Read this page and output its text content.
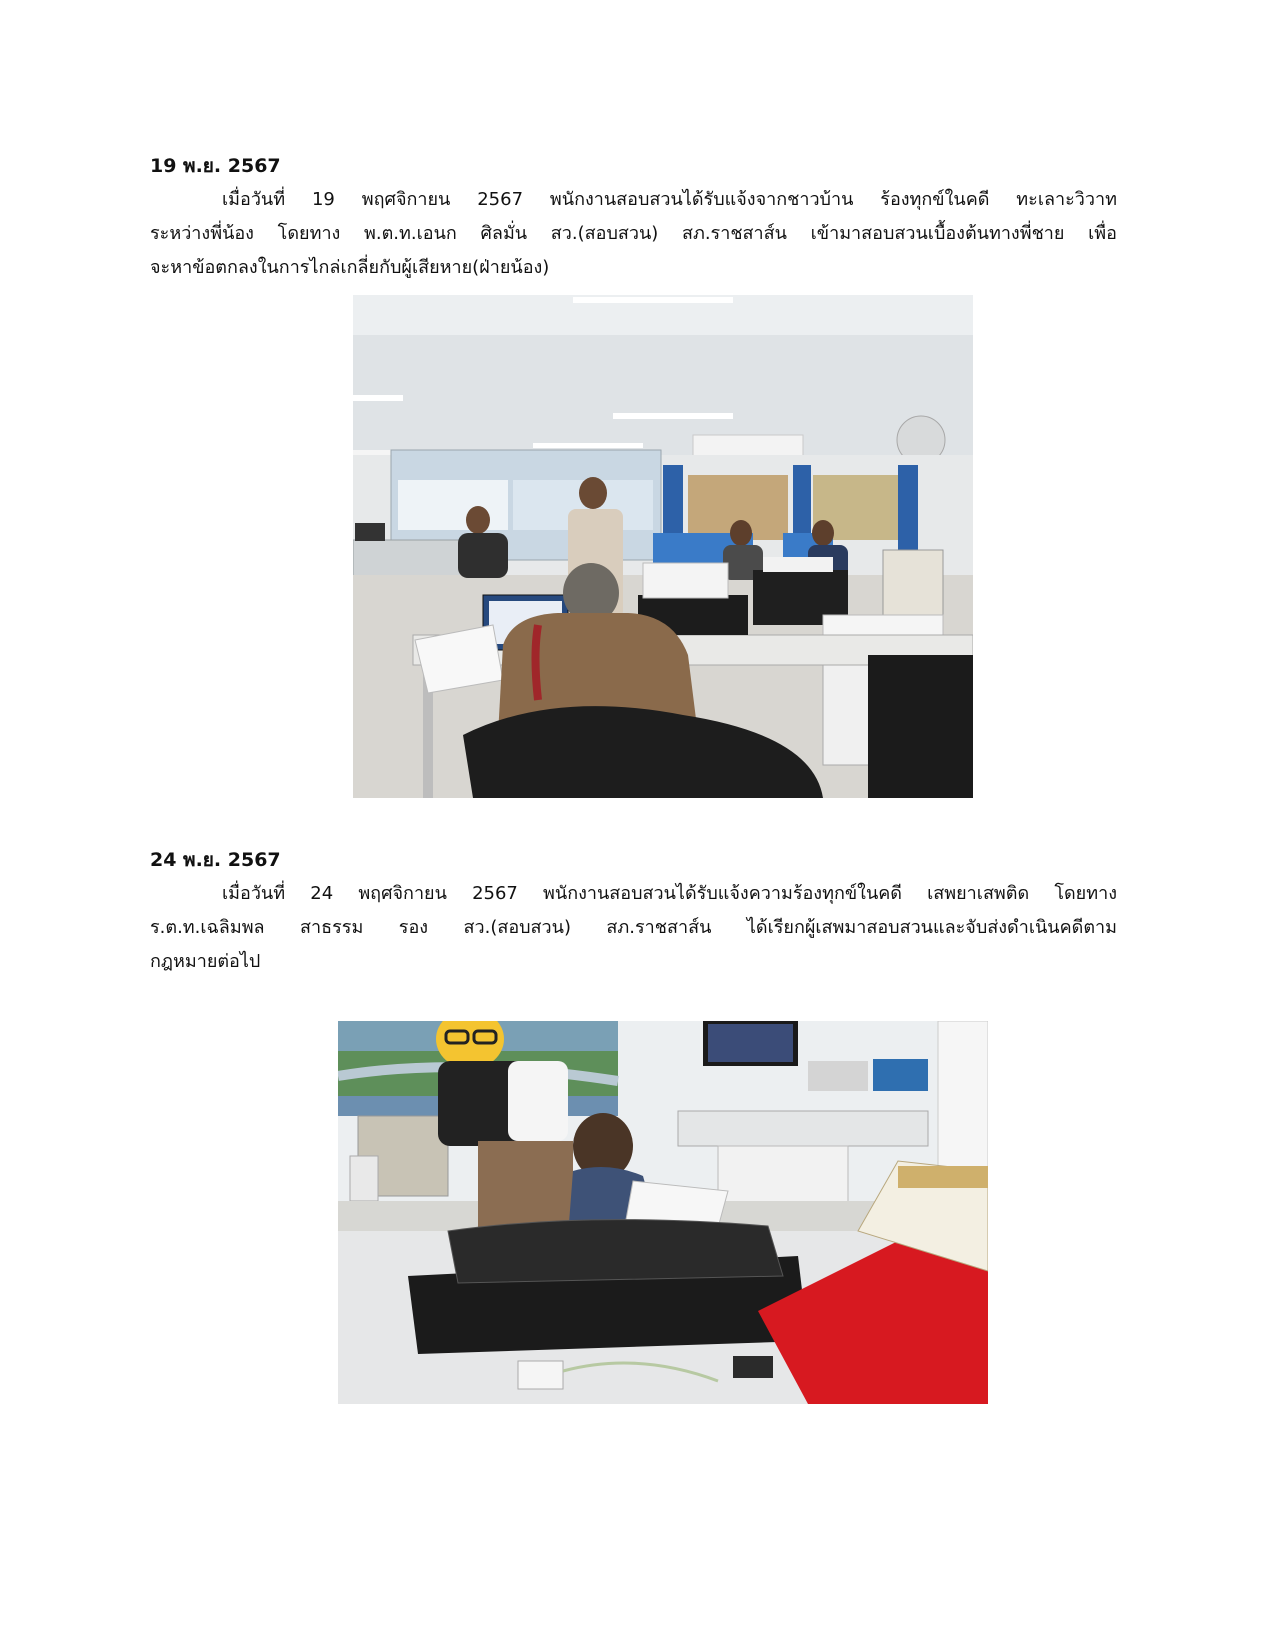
19 พ.ย. 2567
เมื่อวันที่ 19 พฤศจิกายน 2567 พนักงานสอบสวนได้รับแจ้งจากชาวบ้าน ร้องทุกข์ในคดี ทะเลาะวิวาท
ระหว่างพี่น้อง โดยทาง พ.ต.ท.เอนก ศิลมั่น สว.(สอบสวน) สภ.ราชสาส์น เข้ามาสอบสวนเบื้องต้นทางพี่ชาย เพื่อ
จะหาข้อตกลงในการไกล่เกลี่ยกับผู้เสียหาย(ฝ่ายน้อง)
24 พ.ย. 2567
เมื่อวันที่ 24 พฤศจิกายน 2567 พนักงานสอบสวนได้รับแจ้งความร้องทุกข์ในคดี เสพยาเสพติด โดยทาง
ร.ต.ท.เฉลิมพล สาธรรม รอง สว.(สอบสวน) สภ.ราชสาส์น ได้เรียกผู้เสพมาสอบสวนและจับส่งดำเนินคดีตาม
กฎหมายต่อไป
